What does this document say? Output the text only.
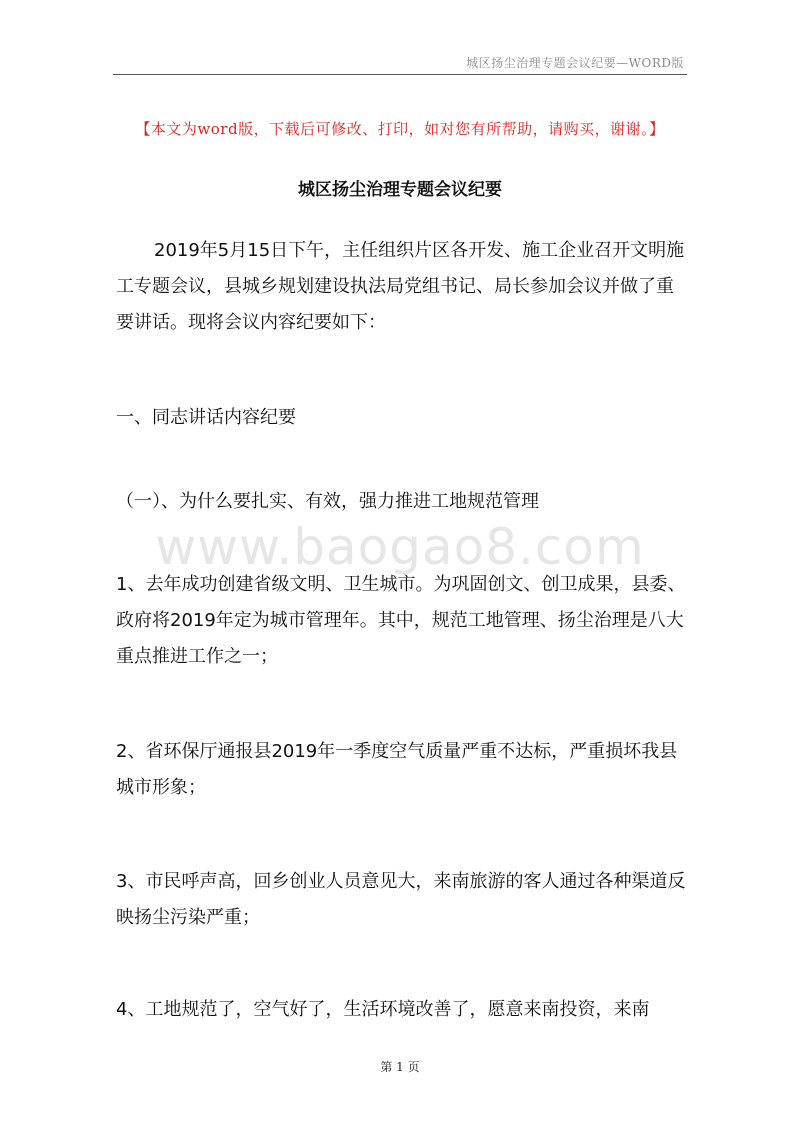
城区扬尘治理专题会议纪要—WORD版
【本文为word版，下载后可修改、打印，如对您有所帮助，请购买，谢谢。】
城区扬尘治理专题会议纪要

2019年5月15日下午，主任组织片区各开发、施工企业召开文明施工专题会议，县城乡规划建设执法局党组书记、局长参加会议并做了重要讲话。现将会议内容纪要如下：

一、同志讲话内容纪要

（一）、为什么要扎实、有效，强力推进工地规范管理

www.baogao8.com

1、去年成功创建省级文明、卫生城市。为巩固创文、创卫成果，县委、政府将2019年定为城市管理年。其中，规范工地管理、扬尘治理是八大重点推进工作之一；

2、省环保厅通报县2019年一季度空气质量严重不达标，严重损坏我县城市形象；

3、市民呼声高，回乡创业人员意见大，来南旅游的客人通过各种渠道反映扬尘污染严重；

4、工地规范了，空气好了，生活环境改善了，愿意来南投资，来南

第 1 页
